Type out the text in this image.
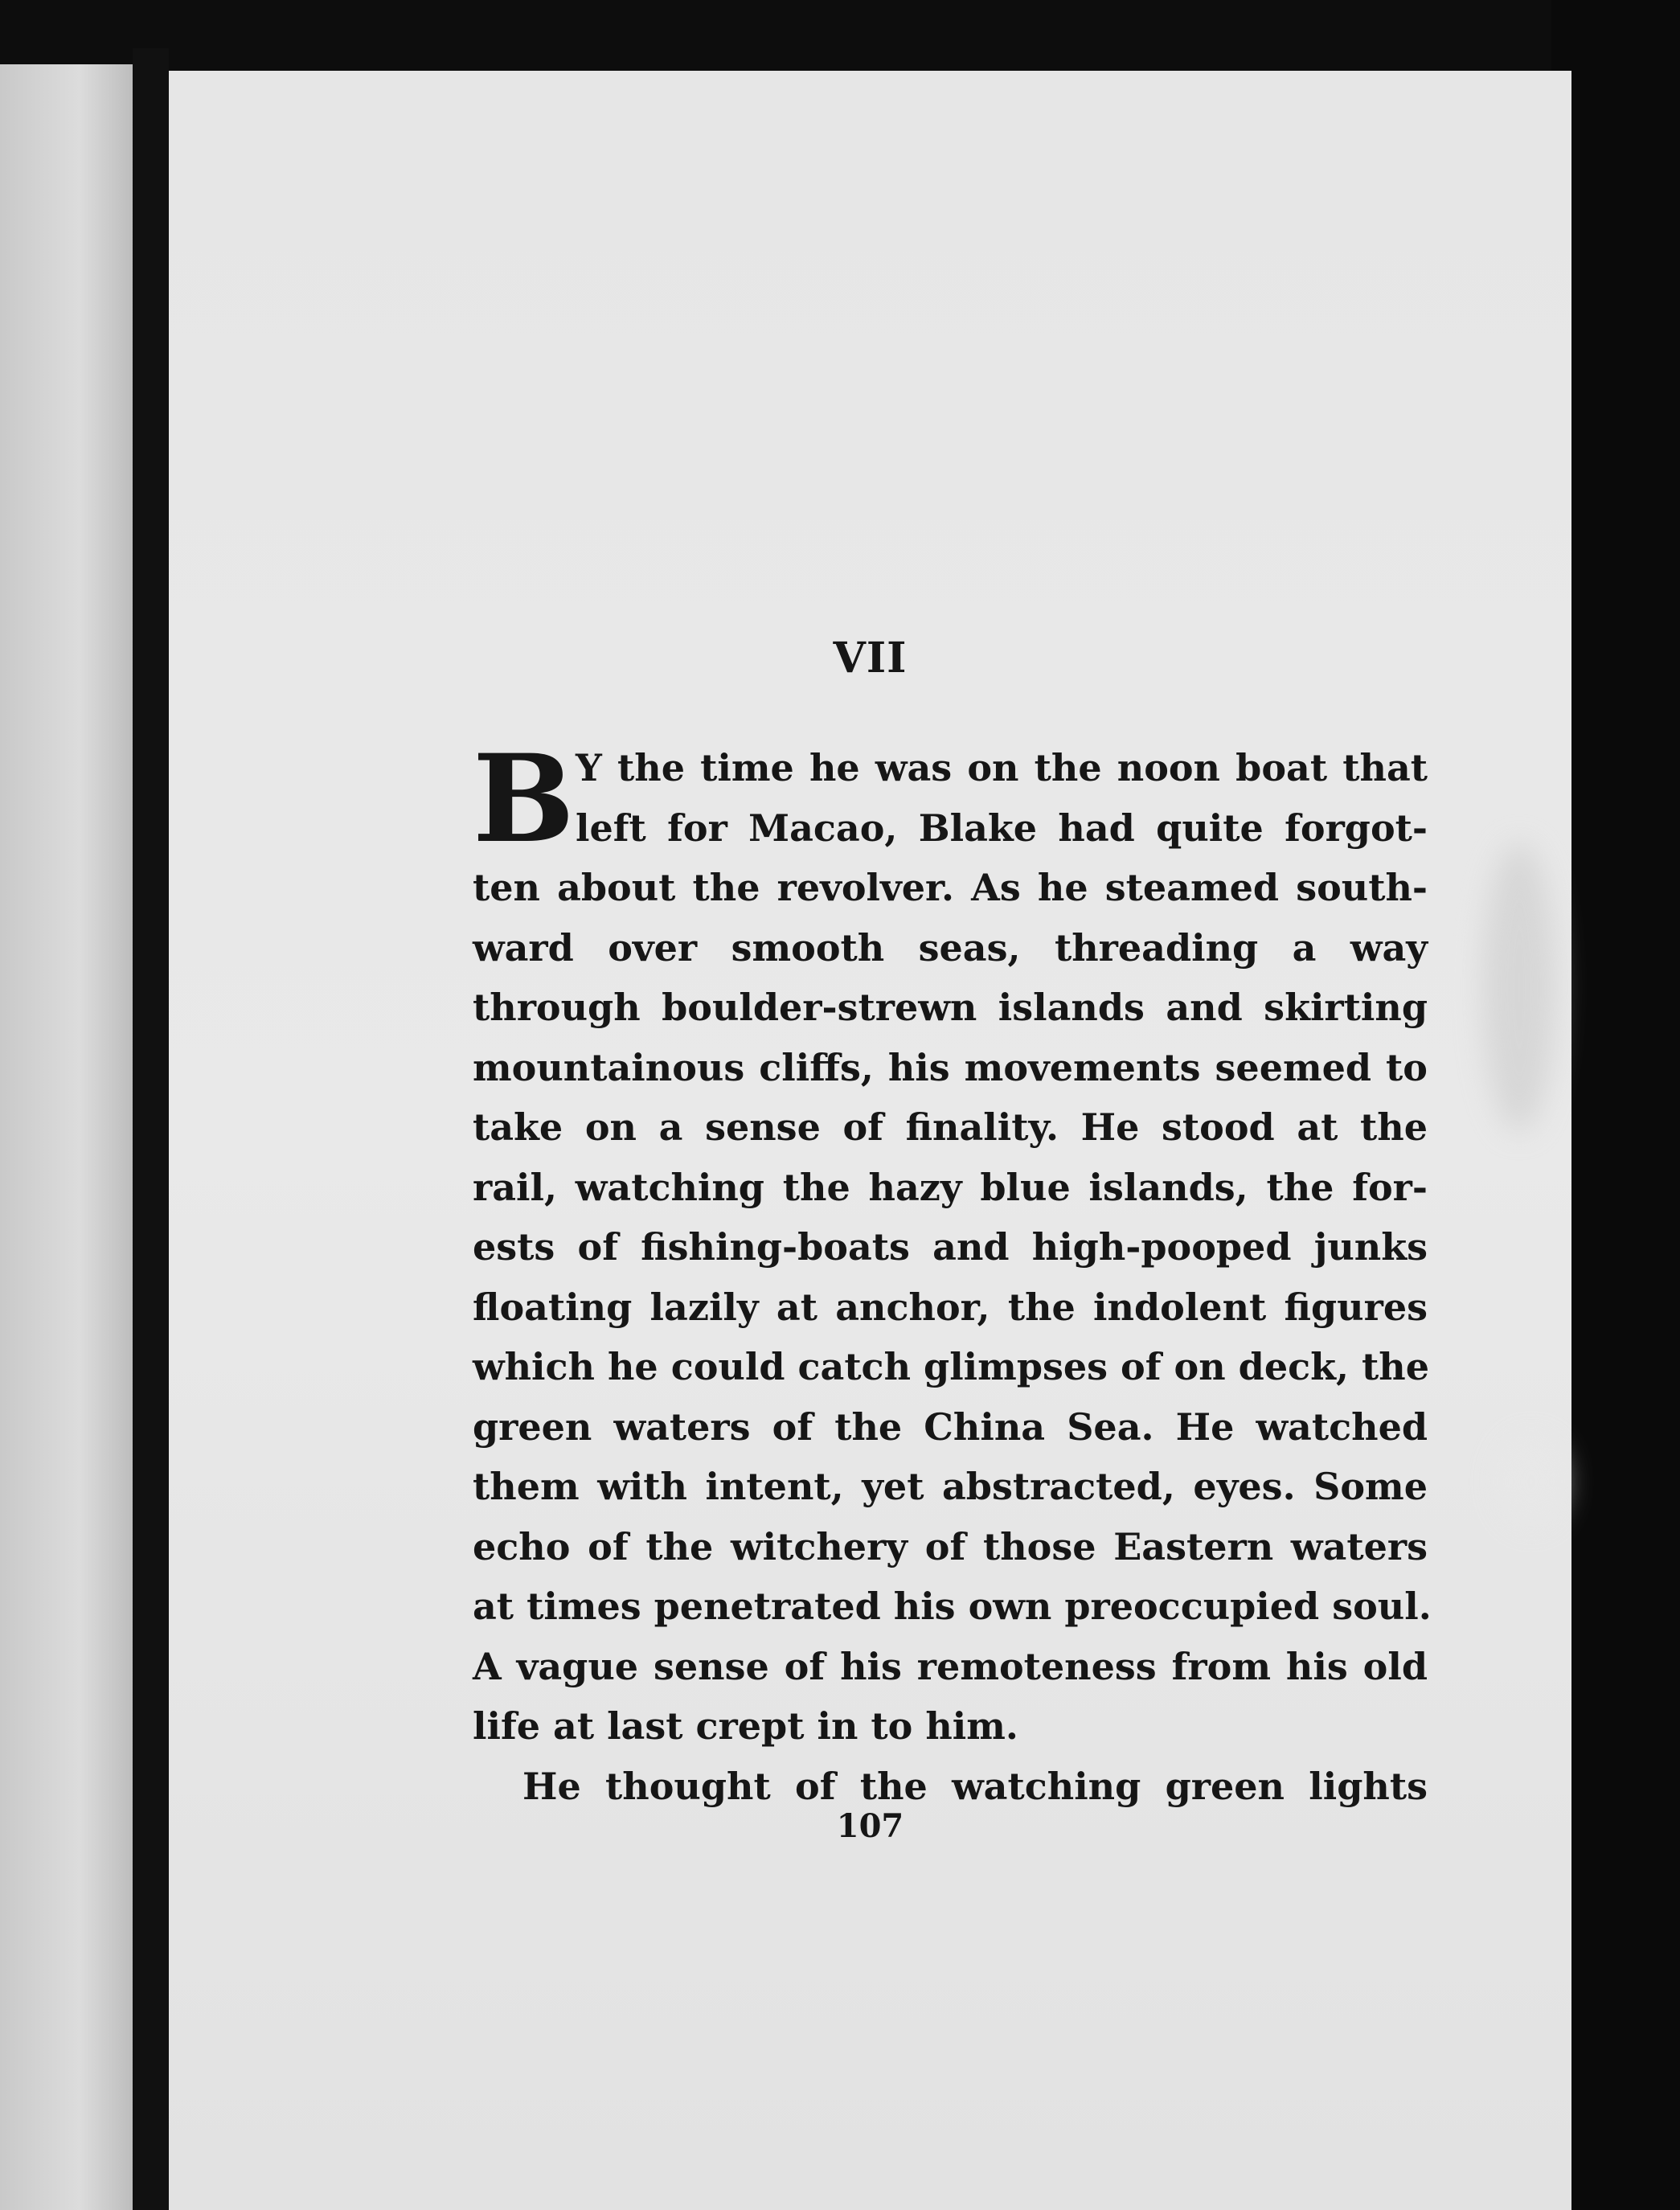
VII
B Y the time he was on the noon boat that
left for Macao, Blake had quite forgot-
ten about the revolver. As he steamed south-
ward over smooth seas, threading a way
through boulder-strewn islands and skirting
mountainous cliffs, his movements seemed to
take on a sense of finality. He stood at the
rail, watching the hazy blue islands, the for-
ests of fishing-boats and high-pooped junks
floating lazily at anchor, the indolent figures
which he could catch glimpses of on deck, the
green waters of the China Sea. He watched
them with intent, yet abstracted, eyes. Some
echo of the witchery of those Eastern waters
at times penetrated his own preoccupied soul.
A vague sense of his remoteness from his old
life at last crept in to him.
He thought of the watching green lights
107
